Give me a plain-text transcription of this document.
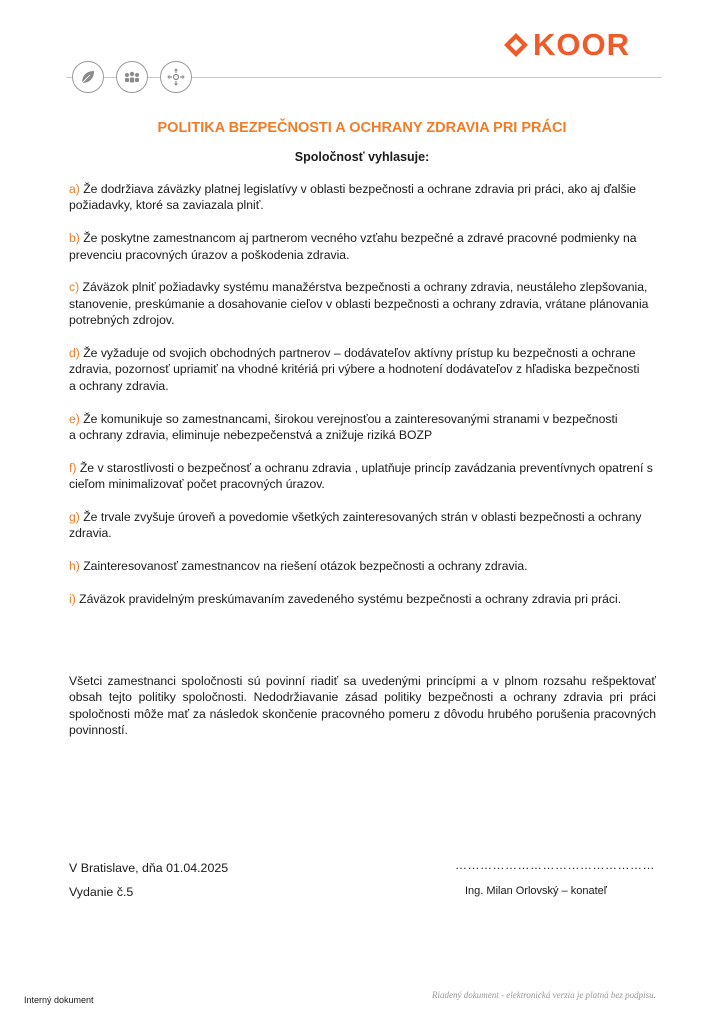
KOOR
POLITIKA BEZPEČNOSTI A OCHRANY ZDRAVIA PRI PRÁCI
Spoločnosť vyhlasuje:
a) Že dodržiava záväzky platnej legislatívy v oblasti bezpečnosti a ochrane zdravia pri práci, ako aj ďalšie
požiadavky, ktoré sa zaviazala plniť.
b) Že poskytne zamestnancom aj partnerom vecného vzťahu bezpečné a zdravé pracovné podmienky na
prevenciu pracovných úrazov a poškodenia zdravia.
c) Záväzok plniť požiadavky systému manažérstva bezpečnosti a ochrany zdravia, neustáleho zlepšovania,
stanovenie, preskúmanie a dosahovanie cieľov v oblasti bezpečnosti a ochrany zdravia, vrátane plánovania
potrebných zdrojov.
d) Že vyžaduje od svojich obchodných partnerov – dodávateľov aktívny prístup ku bezpečnosti a ochrane
zdravia, pozornosť upriamiť na vhodné kritériá pri výbere a hodnotení dodávateľov z hľadiska bezpečnosti
a ochrany zdravia.
e) Že komunikuje so zamestnancami, širokou verejnosťou a zainteresovanými stranami v bezpečnosti
a ochrany zdravia, eliminuje nebezpečenstvá a znižuje riziká BOZP
f) Že v starostlivosti o bezpečnosť a ochranu zdravia , uplatňuje princíp zavádzania preventívnych opatrení s
cieľom minimalizovať počet pracovných úrazov.
g) Že trvale zvyšuje úroveň a povedomie všetkých zainteresovaných strán v oblasti bezpečnosti a ochrany
zdravia.
h) Zainteresovanosť zamestnancov na riešení otázok bezpečnosti a ochrany zdravia.
i) Záväzok pravidelným preskúmavaním zavedeného systému bezpečnosti a ochrany zdravia pri práci.
Všetci zamestnanci spoločnosti sú povinní riadiť sa uvedenými princípmi a v plnom rozsahu rešpektovať obsah tejto politiky spoločnosti. Nedodržiavanie zásad politiky bezpečnosti a ochrany zdravia pri práci spoločnosti môže mať za následok skončenie pracovného pomeru z dôvodu hrubého porušenia pracovných povinností.
V Bratislave, dňa 01.04.2025
Vydanie č.5
…………………………………………
Ing. Milan Orlovský – konateľ
Interný dokument	Riadený dokument - elektronická verzia je platná bez podpisu.
